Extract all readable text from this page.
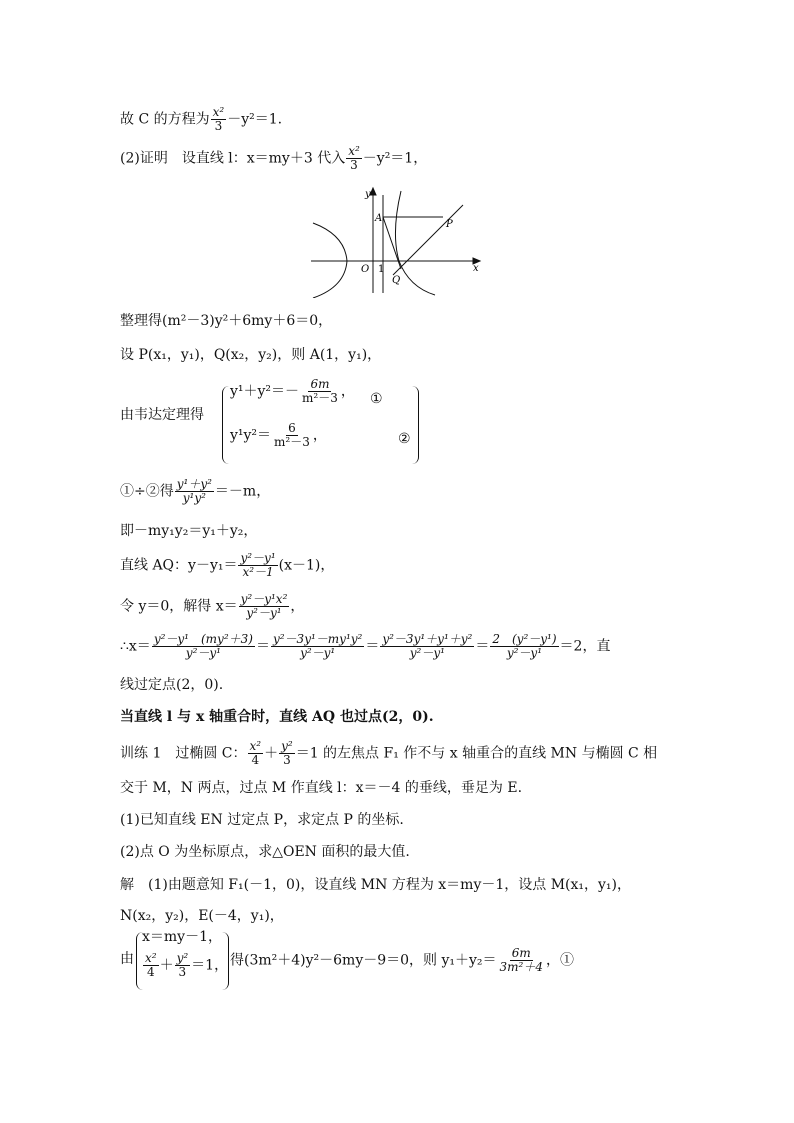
故 C 的方程为 $\frac{\text{x²}}{3} -y^2=1$.
(2)证明　设直线 l：x＝my＋3 代入 $\frac{\text{x²}}{3} -y^2=1$，
y
x
A
P
O 1
Q
整理得(m²－3)y²＋6my＋6＝0，
设 P(x₁，y₁)，Q(x₂，y₂)，则 A(1，y₁)，
由韦达定理得
$y^1+y^2=- \frac{6m}{\text{m²－3}}$ ， ①
$y^1y^2= \frac{6}{\text{m²－3}}$ ，	②
①÷②得 $\frac{\text{y¹＋y²}}{\text{y¹y²}} =-m$，
即－my₁y₂＝y₁＋y₂，
直线 AQ：$y-y_1= \frac{\text{y²－y¹}}{\text{x²－1}} (x-1)$，
令 y＝0，解得 $x= \frac{\text{y²－y¹x²}}{\text{y²－y¹}}$ ，
∴x＝ $\frac{\text{y²－y¹　(my²＋3)}}{\text{y²－y¹}} = \frac{\text{y²－3y¹－my¹y²}}{\text{y²－y¹}} = \frac{\text{y²－3y¹＋y¹＋y²}}{\text{y²－y¹}} = \frac{\text{2　(y²－y¹)}}{\text{y²－y¹}} =2$，直
线过定点(2，0).
当直线 l 与 x 轴重合时，直线 AQ 也过点(2，0).
训练 1　过椭圆 C： $\frac{\text{x²}}{4} + \frac{\text{y²}}{3} =1$ 的左焦点 F₁ 作不与 x 轴重合的直线 MN 与椭圆 C 相
交于 M，N 两点，过点 M 作直线 l：x＝－4 的垂线，垂足为 E.
(1)已知直线 EN 过定点 P，求定点 P 的坐标.
(2)点 O 为坐标原点，求△OEN 面积的最大值.
解　(1)由题意知 F₁(－1，0)，设直线 MN 方程为 x＝my－1，设点 M(x₁，y₁)，
N(x₂，y₂)，E(－4，y₁)，
由
x＝my－1，
$\frac{\text{x²}}{4} + \frac{\text{y²}}{3} =1$， 得(3m²＋4)y²－6my－9＝0，则 $y_1+y_2= \frac{6m}{\text{3m²＋4}}$ ，①
